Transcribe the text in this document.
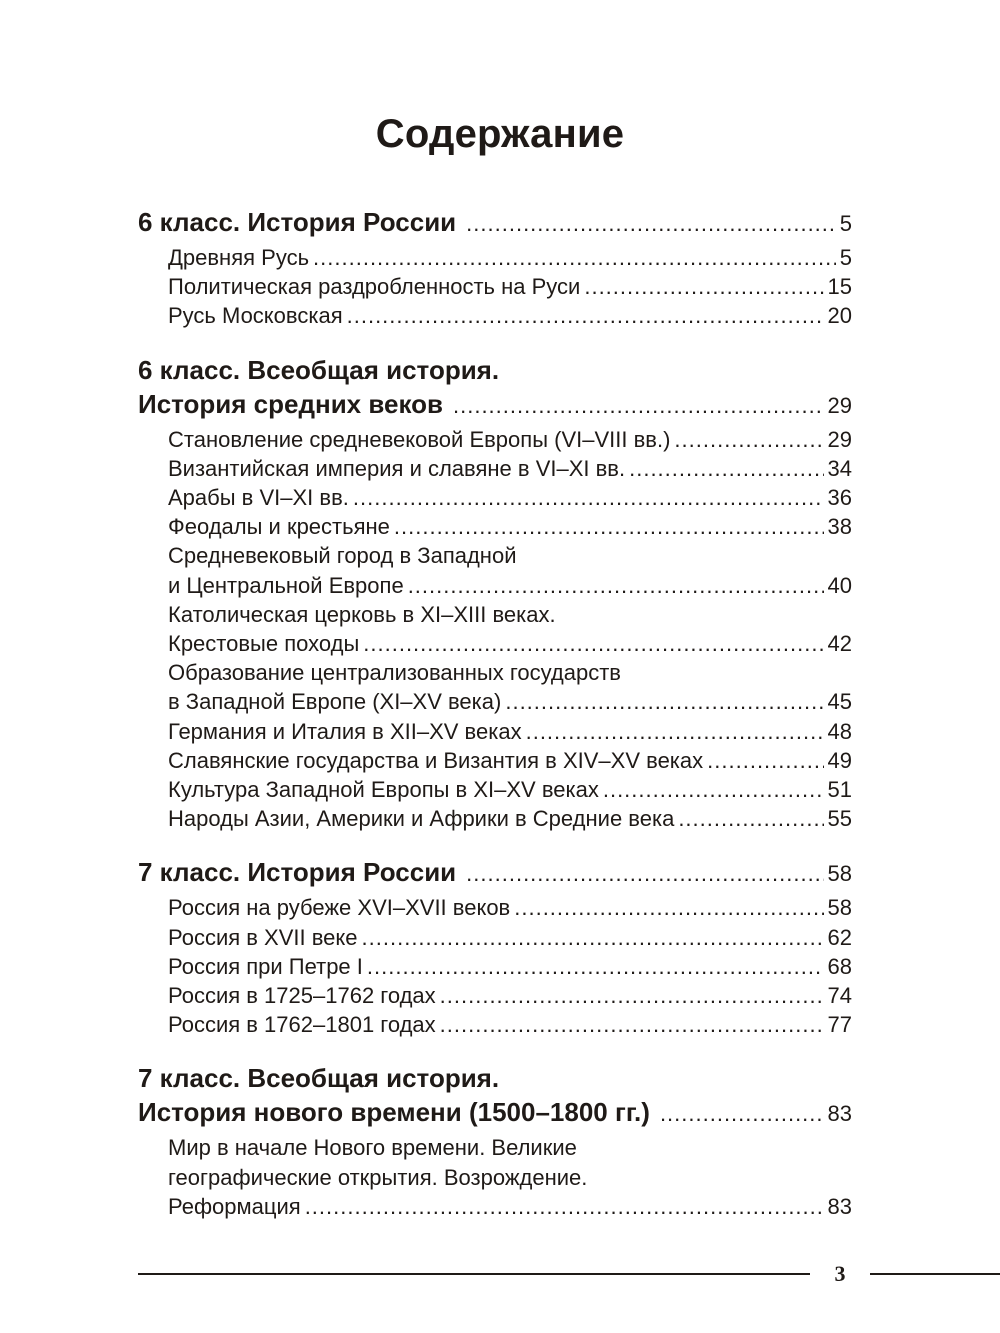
Содержание
6 класс. История России .....	5
Древняя Русь .....	5
Политическая раздробленность на Руси .....	15
Русь Московская .....	20
6 класс. Всеобщая история.
История средних веков .....	29
Становление средневековой Европы (VI–VIII вв.) .....	29
Византийская империя и славяне в VI–XI вв. .....	34
Арабы в VI–XI вв. .....	36
Феодалы и крестьяне .....	38
Средневековый город в Западной
и Центральной Европе .....	40
Католическая церковь в XI–XIII веках.
Крестовые походы .....	42
Образование централизованных государств
в Западной Европе (XI–XV века) .....	45
Германия и Италия в XII–XV веках .....	48
Славянские государства и Византия в XIV–XV веках .....	49
Культура Западной Европы в XI–XV веках .....	51
Народы Азии, Америки и Африки в Средние века .....	55
7 класс. История России .....	58
Россия на рубеже XVI–XVII веков .....	58
Россия в XVII веке .....	62
Россия при Петре I .....	68
Россия в 1725–1762 годах .....	74
Россия в 1762–1801 годах .....	77
7 класс. Всеобщая история.
История нового времени (1500–1800 гг.) .....	83
Мир в начале Нового времени. Великие
географические открытия. Возрождение.
Реформация .....	83
3
